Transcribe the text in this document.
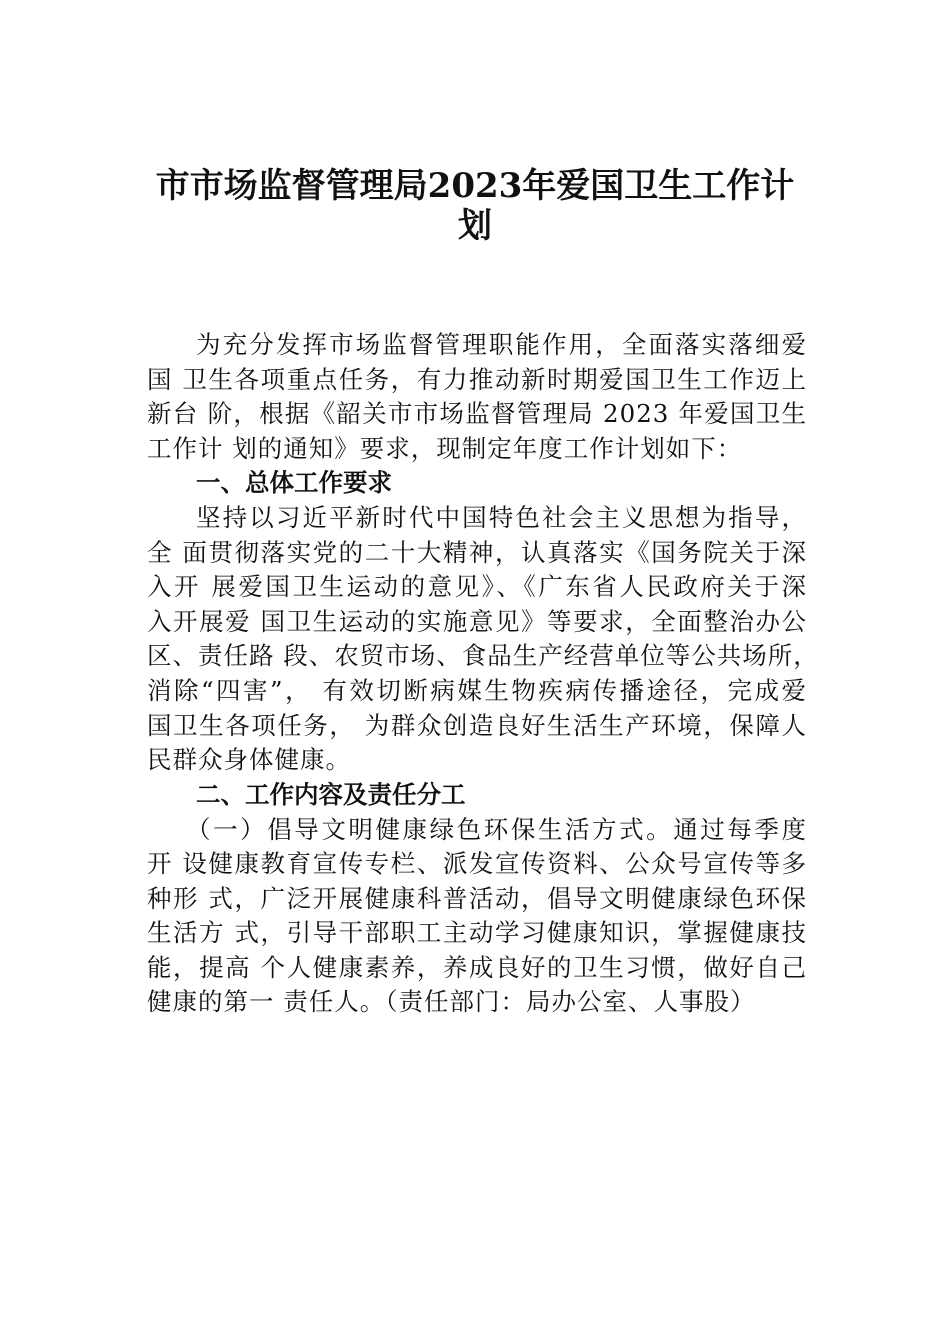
市市场监督管理局2023年爱国卫生工作计
划
为充分发挥市场监督管理职能作用，全面落实落细爱
国 卫生各项重点任务，有力推动新时期爱国卫生工作迈上
新台 阶，根据《韶关市市场监督管理局 2023 年爱国卫生
工作计 划的通知》要求，现制定年度工作计划如下：
一、总体工作要求
坚持以习近平新时代中国特色社会主义思想为指导，
全 面贯彻落实党的二十大精神，认真落实《国务院关于深
入开 展爱国卫生运动的意见》、《广东省人民政府关于深
入开展爱 国卫生运动的实施意见》等要求，全面整治办公
区、责任路 段、农贸市场、食品生产经营单位等公共场所，
消除“四害”， 有效切断病媒生物疾病传播途径，完成爱
国卫生各项任务， 为群众创造良好生活生产环境，保障人
民群众身体健康。
二、工作内容及责任分工
（一）倡导文明健康绿色环保生活方式。通过每季度
开 设健康教育宣传专栏、派发宣传资料、公众号宣传等多
种形 式，广泛开展健康科普活动，倡导文明健康绿色环保
生活方 式，引导干部职工主动学习健康知识，掌握健康技
能，提高 个人健康素养，养成良好的卫生习惯，做好自己
健康的第一 责任人。（责任部门：局办公室、人事股）
